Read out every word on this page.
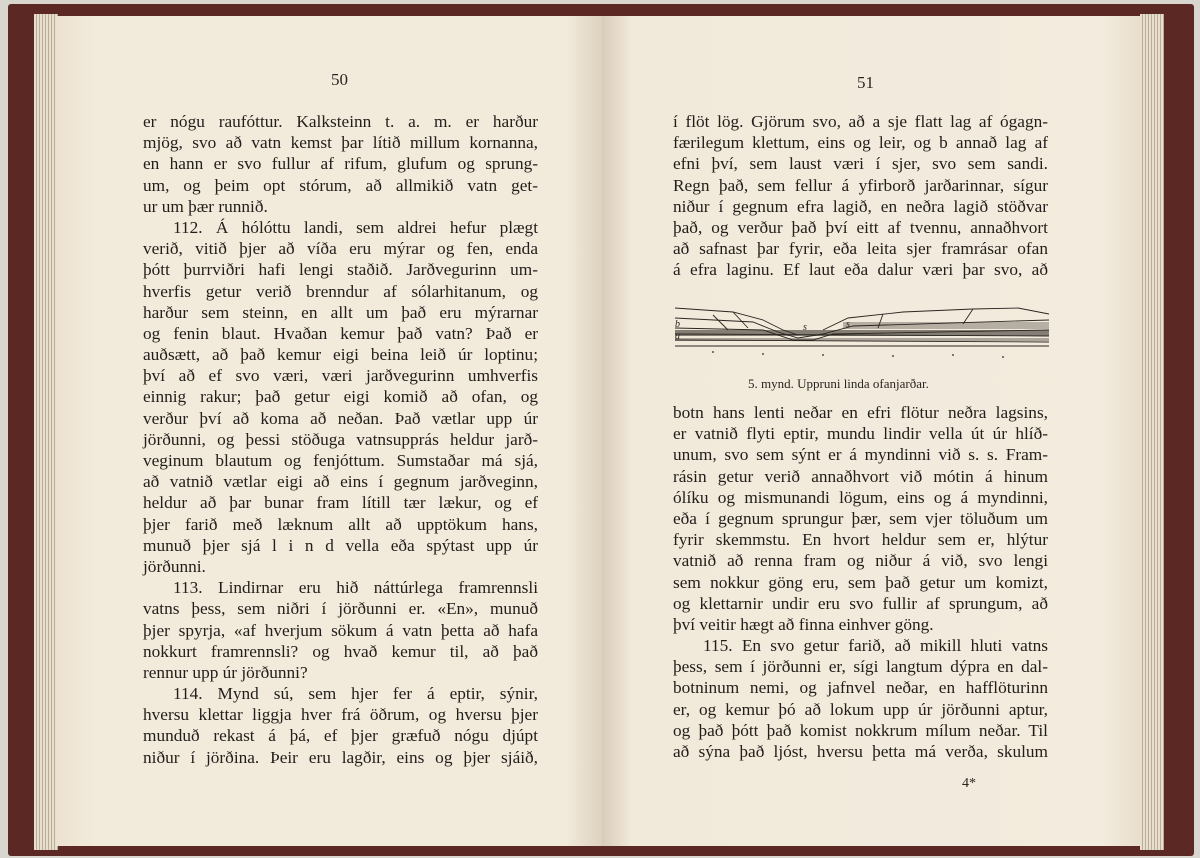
50	51
er nógu raufóttur. Kalksteinn t. a. m. er harður
mjög, svo að vatn kemst þar lítið millum kornanna,
en hann er svo fullur af rifum, glufum og sprung-
um, og þeim opt stórum, að allmikið vatn get-
ur um þær runnið.
112. Á hólóttu landi, sem aldrei hefur plægt
verið, vitið þjer að víða eru mýrar og fen, enda
þótt þurrviðri hafi lengi staðið. Jarðvegurinn um-
hverfis getur verið brenndur af sólarhitanum, og
harður sem steinn, en allt um það eru mýrarnar
og fenin blaut. Hvaðan kemur það vatn? Það er
auðsætt, að það kemur eigi beina leið úr loptinu;
því að ef svo væri, væri jarðvegurinn umhverfis
einnig rakur; það getur eigi komið að ofan, og
verður því að koma að neðan. Það vætlar upp úr
jörðunni, og þessi stöðuga vatnsupprás heldur jarð-
veginum blautum og fenjóttum. Sumstaðar má sjá,
að vatnið vætlar eigi að eins í gegnum jarðveginn,
heldur að þar bunar fram lítill tær lækur, og ef
þjer farið með læknum allt að upptökum hans,
munuð þjer sjá l i n d vella eða spýtast upp úr
jörðunni.
113. Lindirnar eru hið náttúrlega framrennsli
vatns þess, sem niðri í jörðunni er. «En», munuð
þjer spyrja, «af hverjum sökum á vatn þetta að hafa
nokkurt framrennsli? og hvað kemur til, að það
rennur upp úr jörðunni?
114. Mynd sú, sem hjer fer á eptir, sýnir,
hversu klettar liggja hver frá öðrum, og hversu þjer
munduð rekast á þá, ef þjer græfuð nógu djúpt
niður í jörðina. Þeir eru lagðir, eins og þjer sjáið,
í flöt lög. Gjörum svo, að a sje flatt lag af ógagn-
færilegum klettum, eins og leir, og b annað lag af
efni því, sem laust væri í sjer, svo sem sandi.
Regn það, sem fellur á yfirborð jarðarinnar, sígur
niður í gegnum efra lagið, en neðra lagið stöðvar
það, og verður það því eitt af tvennu, annaðhvort
að safnast þar fyrir, eða leita sjer framrásar ofan
á efra laginu. Ef laut eða dalur væri þar svo, að
b
a
s	s
5. mynd. Uppruni linda ofanjarðar.
botn hans lenti neðar en efri flötur neðra lagsins,
er vatnið flyti eptir, mundu lindir vella út úr hlíð-
unum, svo sem sýnt er á myndinni við s. s. Fram-
rásin getur verið annaðhvort við mótin á hinum
ólíku og mismunandi lögum, eins og á myndinni,
eða í gegnum sprungur þær, sem vjer töluðum um
fyrir skemmstu. En hvort heldur sem er, hlýtur
vatnið að renna fram og niður á við, svo lengi
sem nokkur göng eru, sem það getur um komizt,
og klettarnir undir eru svo fullir af sprungum, að
því veitir hægt að finna einhver göng.
115. En svo getur farið, að mikill hluti vatns
þess, sem í jörðunni er, sígi langtum dýpra en dal-
botninum nemi, og jafnvel neðar, en hafflöturinn
er, og kemur þó að lokum upp úr jörðunni aptur,
og það þótt það komist nokkrum mílum neðar. Til
að sýna það ljóst, hversu þetta má verða, skulum
4*
